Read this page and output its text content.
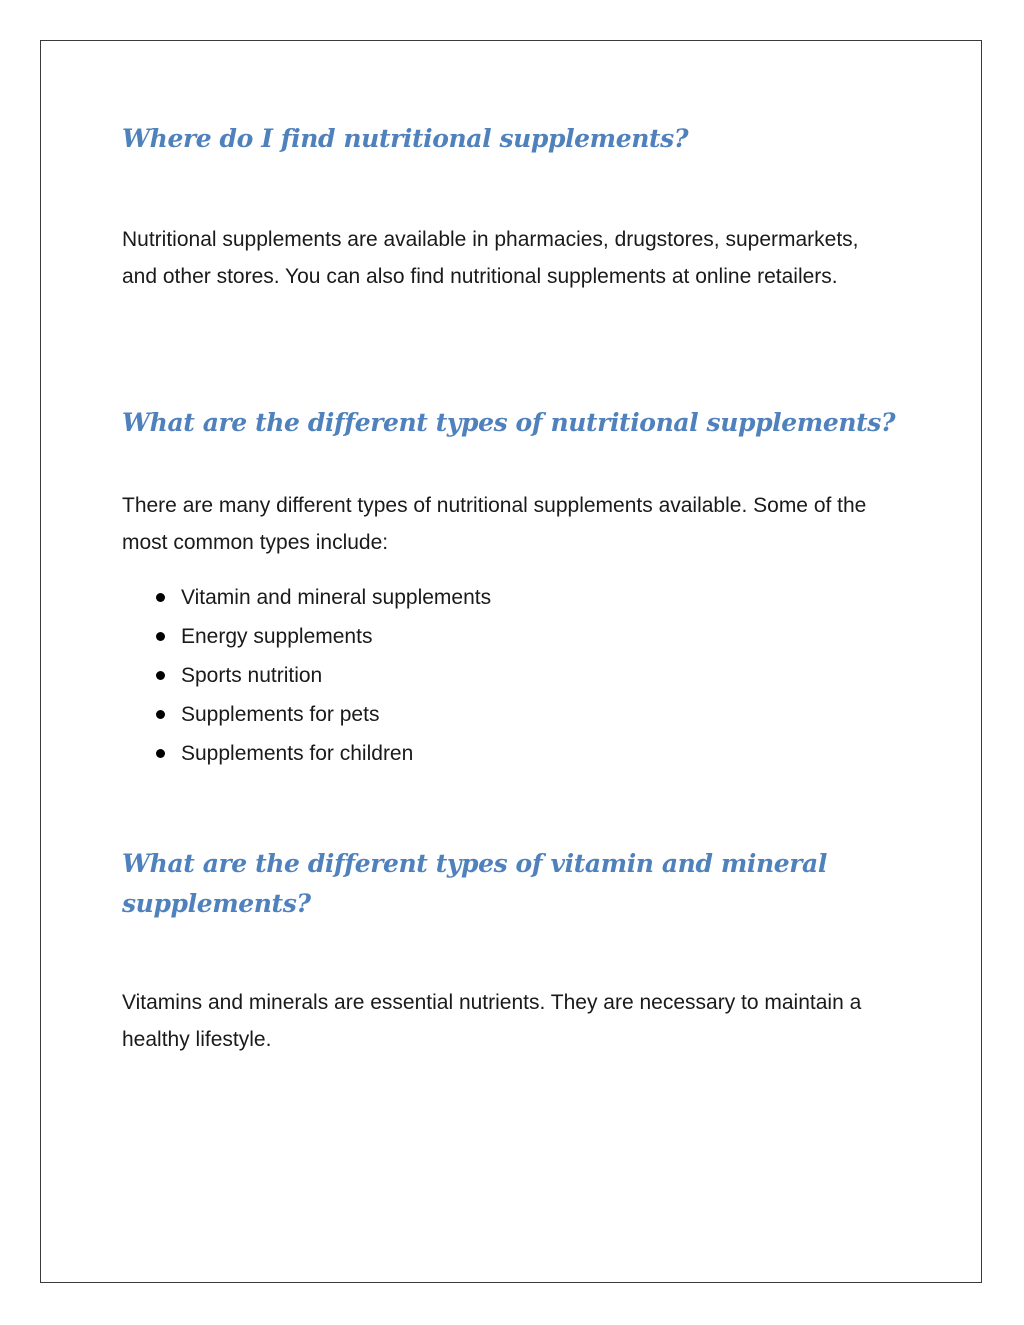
Where do I find nutritional supplements?

Nutritional supplements are available in pharmacies, drugstores, supermarkets, and other stores. You can also find nutritional supplements at online retailers.

What are the different types of nutritional supplements?

There are many different types of nutritional supplements available. Some of the most common types include:

Vitamin and mineral supplements
Energy supplements
Sports nutrition
Supplements for pets
Supplements for children
What are the different types of vitamin and mineral supplements?

Vitamins and minerals are essential nutrients. They are necessary to maintain a healthy lifestyle.
